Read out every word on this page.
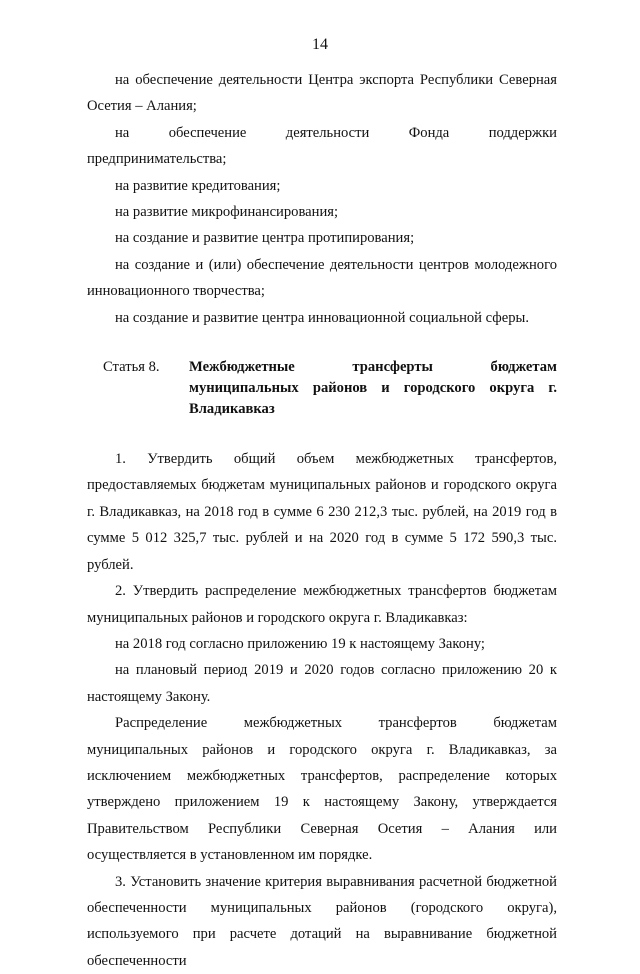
14

на обеспечение деятельности Центра экспорта Республики Северная Осетия – Алания;

на обеспечение деятельности Фонда поддержки предпринимательства;

на развитие кредитования;

на развитие микрофинансирования;

на создание и развитие центра протипирования;

на создание и (или) обеспечение деятельности центров молодежного инновационного творчества;

на создание и развитие центра инновационной социальной сферы.

Статья 8.	Межбюджетные трансферты бюджетам муниципальных районов и городского округа г. Владикавказ

1. Утвердить общий объем межбюджетных трансфертов, предоставляемых бюджетам муниципальных районов и городского округа г. Владикавказ, на 2018 год в сумме 6 230 212,3 тыс. рублей, на 2019 год в сумме 5 012 325,7 тыс. рублей и на 2020 год в сумме 5 172 590,3 тыс. рублей.

2. Утвердить распределение межбюджетных трансфертов бюджетам муниципальных районов и городского округа г. Владикавказ:

на 2018 год согласно приложению 19 к настоящему Закону;

на плановый период 2019 и 2020 годов согласно приложению 20 к настоящему Закону.

Распределение межбюджетных трансфертов бюджетам муниципальных районов и городского округа г. Владикавказ, за исключением межбюджетных трансфертов, распределение которых утверждено приложением 19 к настоящему Закону, утверждается Правительством Республики Северная Осетия – Алания или осуществляется в установленном им порядке.

3. Установить значение критерия выравнивания расчетной бюджетной обеспеченности муниципальных районов (городского округа), используемого при расчете дотаций на выравнивание бюджетной обеспеченности
